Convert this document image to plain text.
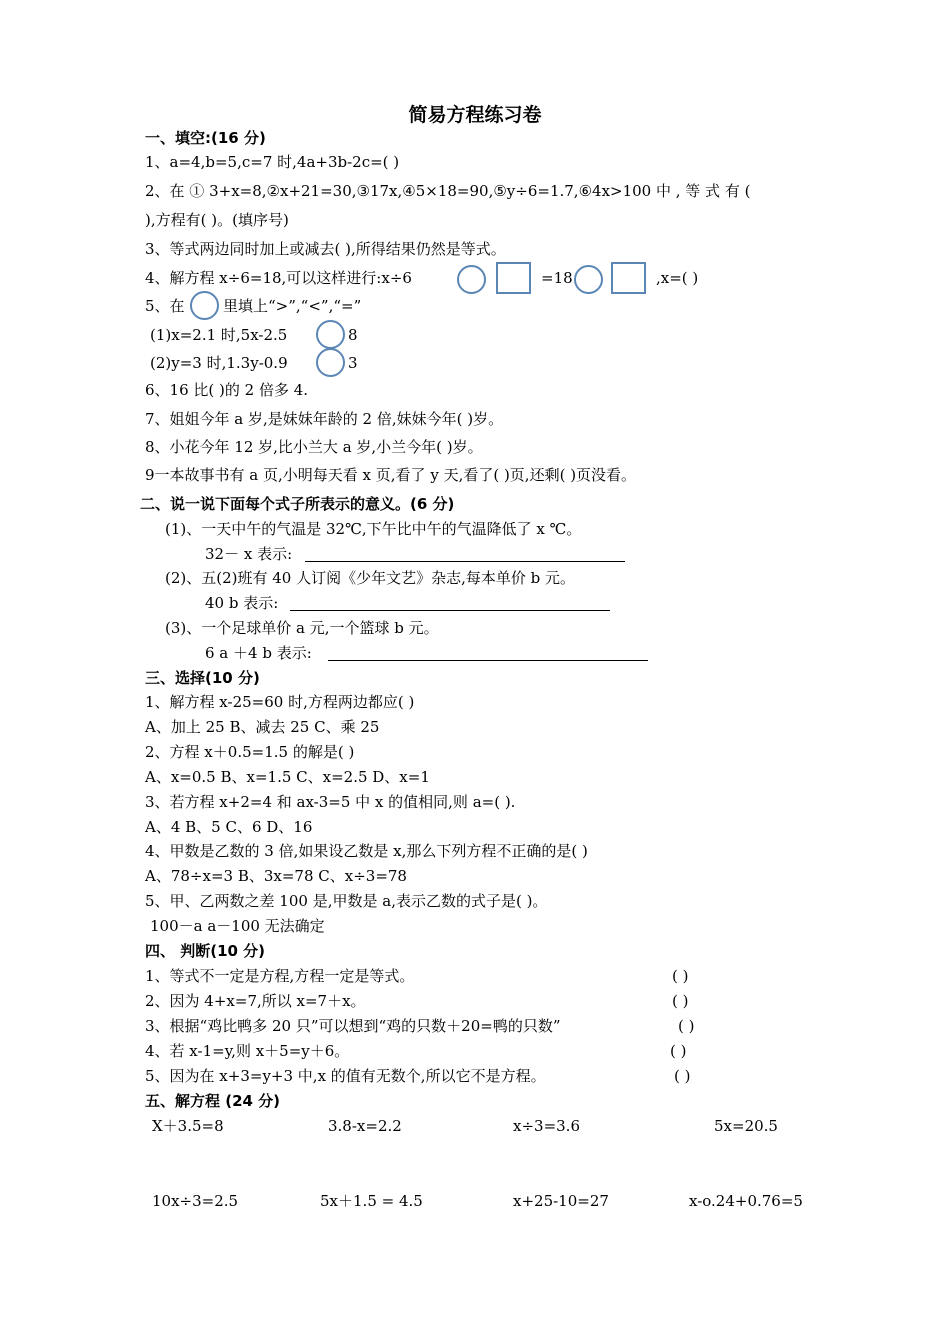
简易方程练习卷
一、填空:(16 分)
1、a=4,b=5,c=7 时,4a+3b-2c=( )
2、在 ① 3+x=8,②x+21=30,③17x,④5×18=90,⑤y÷6=1.7,⑥4x>100 中 , 等 式 有 (
),方程有( )。(填序号)
3、等式两边同时加上或减去( ),所得结果仍然是等式。
4、解方程 x÷6=18,可以这样进行:x÷6	=18	,x=( )
5、在	里填上“>”,“<”,“=”
(1)x=2.1 时,5x-2.5	8
(2)y=3 时,1.3y-0.9	3
6、16 比( )的 2 倍多 4.
7、姐姐今年 a 岁,是妹妹年龄的 2 倍,妹妹今年( )岁。
8、小花今年 12 岁,比小兰大 a 岁,小兰今年( )岁。
9一本故事书有 a 页,小明每天看 x 页,看了 y 天,看了( )页,还剩( )页没看。
二、说一说下面每个式子所表示的意义。(6 分)
(1)、一天中午的气温是 32℃,下午比中午的气温降低了 x ℃。
32－ x 表示:
(2)、五(2)班有 40 人订阅《少年文艺》杂志,每本单价 b 元。
40 b 表示:
(3)、一个足球单价 a 元,一个篮球 b 元。
6 a ＋4 b 表示:
三、选择(10 分)
1、解方程 x-25=60 时,方程两边都应( )
A、加上 25 B、减去 25 C、乘 25
2、方程 x＋0.5=1.5 的解是( )
A、x=0.5 B、x=1.5 C、x=2.5 D、x=1
3、若方程 x+2=4 和 ax-3=5 中 x 的值相同,则 a=( ).
A、4 B、5 C、6 D、16
4、甲数是乙数的 3 倍,如果设乙数是 x,那么下列方程不正确的是( )
A、78÷x=3 B、3x=78 C、x÷3=78
5、甲、乙两数之差 100 是,甲数是 a,表示乙数的式子是( )。
100－a a－100 无法确定
四、 判断(10 分)
1、等式不一定是方程,方程一定是等式。	( )
2、因为 4+x=7,所以 x=7＋x。	( )
3、根据“鸡比鸭多 20 只”可以想到“鸡的只数＋20=鸭的只数”	( )
4、若 x-1=y,则 x＋5=y＋6。	( )
5、因为在 x+3=y+3 中,x 的值有无数个,所以它不是方程。	( )
五、解方程 (24 分)
X＋3.5=8	3.8-x=2.2	x÷3=3.6	5x=20.5
10x÷3=2.5	5x＋1.5 = 4.5	x+25-10=27	x-o.24+0.76=5
